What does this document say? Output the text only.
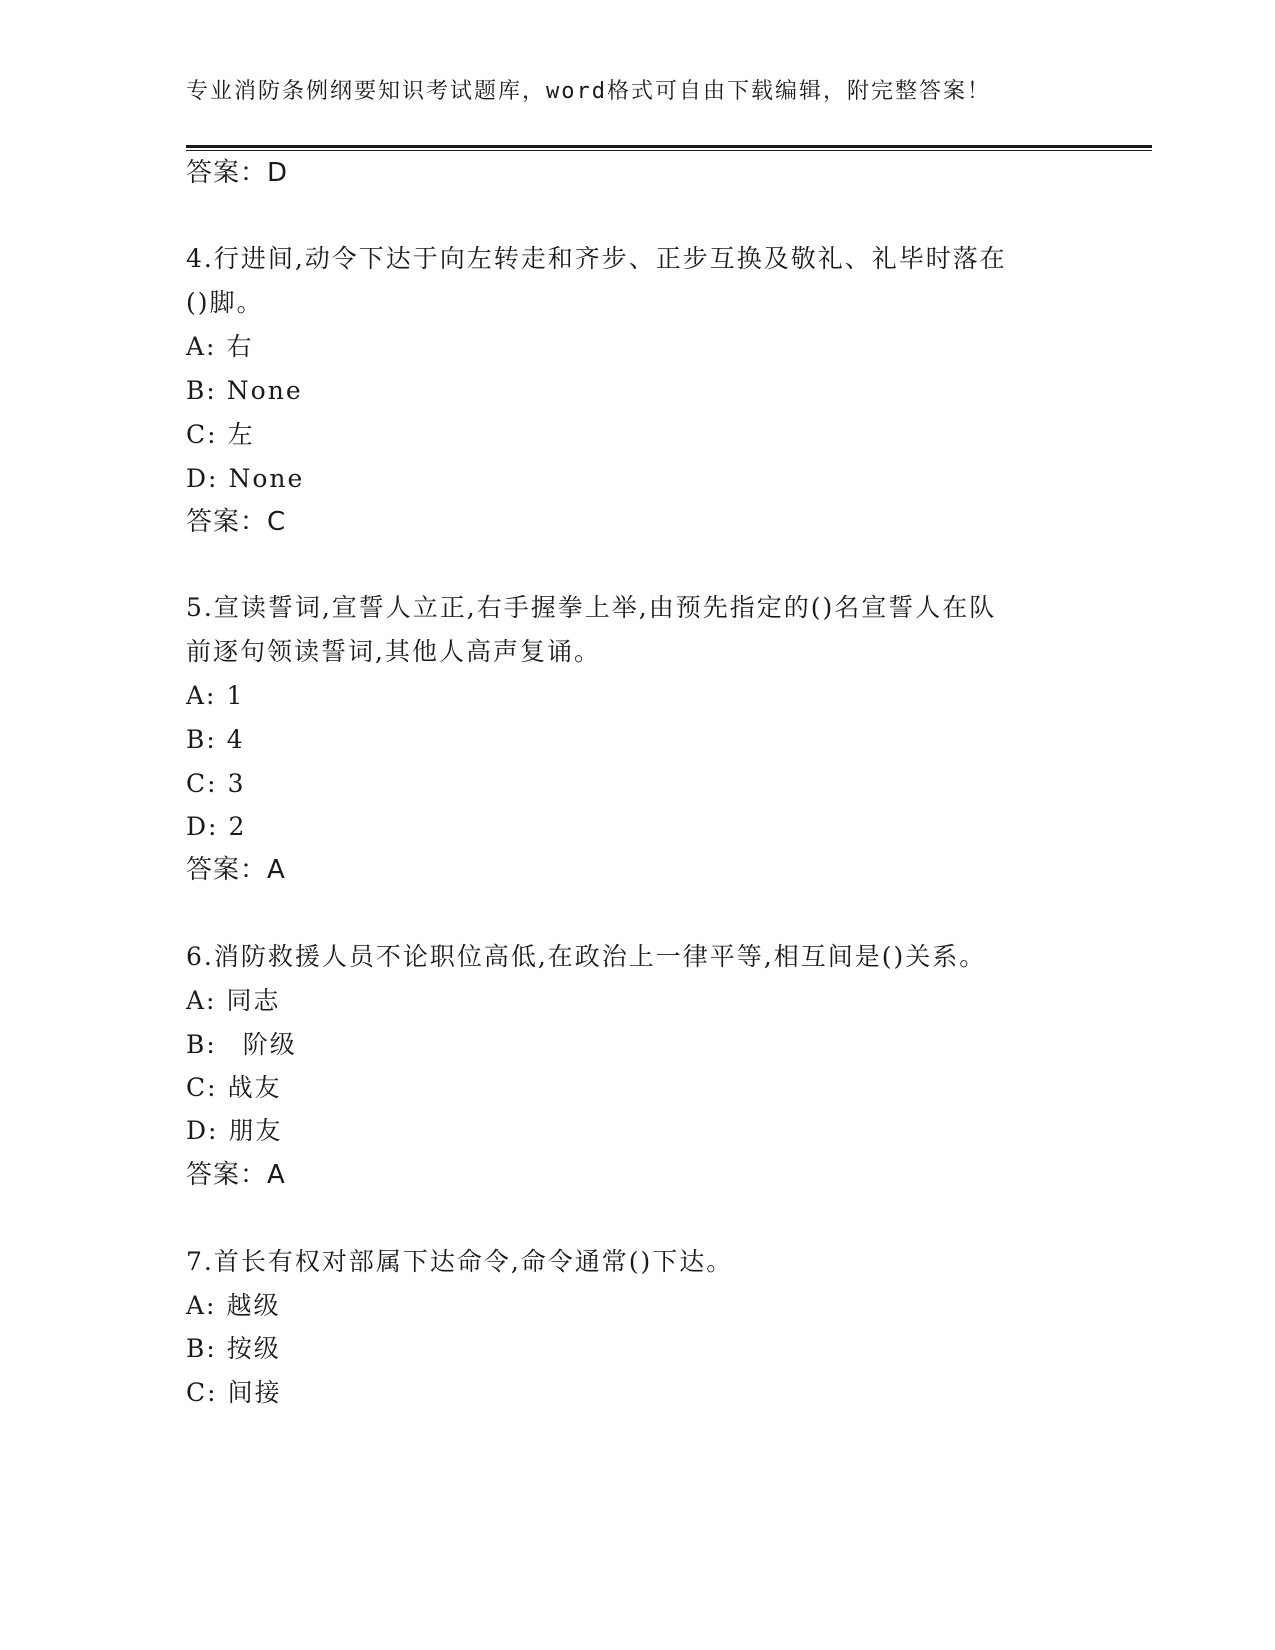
专业消防条例纲要知识考试题库，word格式可自由下载编辑，附完整答案！
答案：D
4.行进间,动令下达于向左转走和齐步、正步互换及敬礼、礼毕时落在
()脚。
A: 右
B: None
C: 左
D: None
答案：C
5.宣读誓词,宣誓人立正,右手握拳上举,由预先指定的()名宣誓人在队
前逐句领读誓词,其他人高声复诵。
A: 1
B: 4
C: 3
D: 2
答案：A
6.消防救援人员不论职位高低,在政治上一律平等,相互间是()关系。
A: 同志
B: 阶级
C: 战友
D: 朋友
答案：A
7.首长有权对部属下达命令,命令通常()下达。
A: 越级
B: 按级
C: 间接
